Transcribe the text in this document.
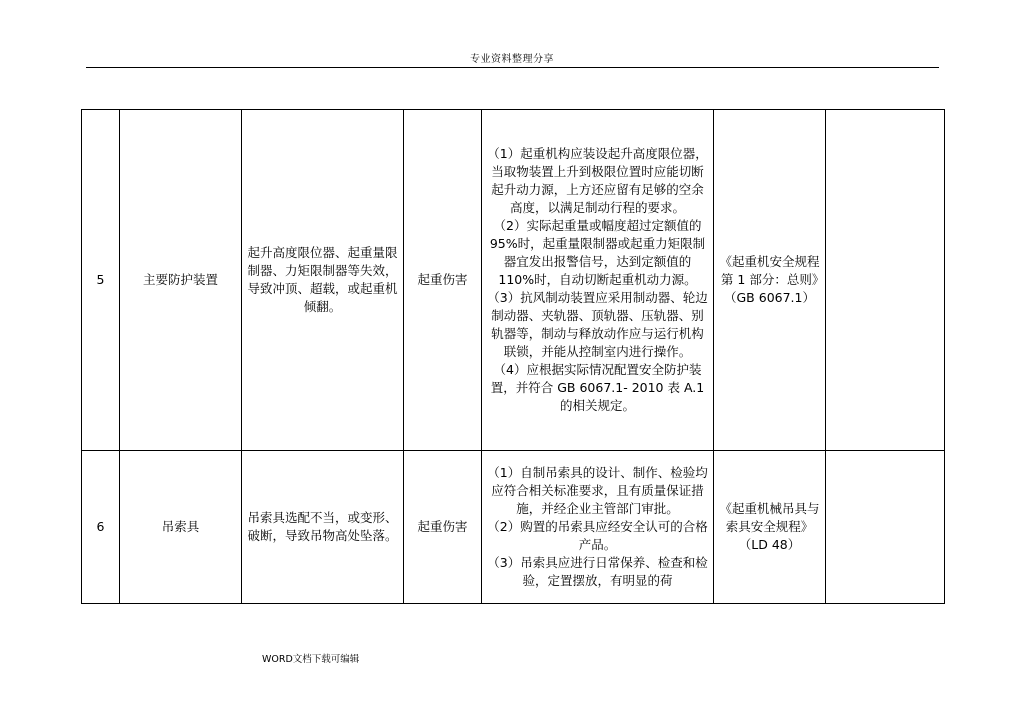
专业资料整理分享
5	主要防护装置	起升高度限位器、起重量限制器、力矩限制器等失效，导致冲顶、超载，或起重机倾翻。	起重伤害	（1）起重机构应装设起升高度限位器，当取物装置上升到极限位置时应能切断起升动力源，上方还应留有足够的空余高度，以满足制动行程的要求。
（2）实际起重量或幅度超过定额值的 95%时，起重量限制器或起重力矩限制器宜发出报警信号，达到定额值的 110%时，自动切断起重机动力源。
（3）抗风制动装置应采用制动器、轮边制动器、夹轨器、顶轨器、压轨器、别轨器等，制动与释放动作应与运行机构联锁，并能从控制室内进行操作。
（4）应根据实际情况配置安全防护装置，并符合 GB 6067.1- 2010 表 A.1 的相关规定。	《起重机安全规程 第 1 部分：总则》（GB 6067.1）	
6	吊索具	吊索具选配不当，或变形、破断，导致吊物高处坠落。	起重伤害	（1）自制吊索具的设计、制作、检验均应符合相关标准要求，且有质量保证措施，并经企业主管部门审批。
（2）购置的吊索具应经安全认可的合格产品。
（3）吊索具应进行日常保养、检查和检验，定置摆放，有明显的荷	《起重机械吊具与索具安全规程》（LD 48）	
WORD文档下载可编辑
